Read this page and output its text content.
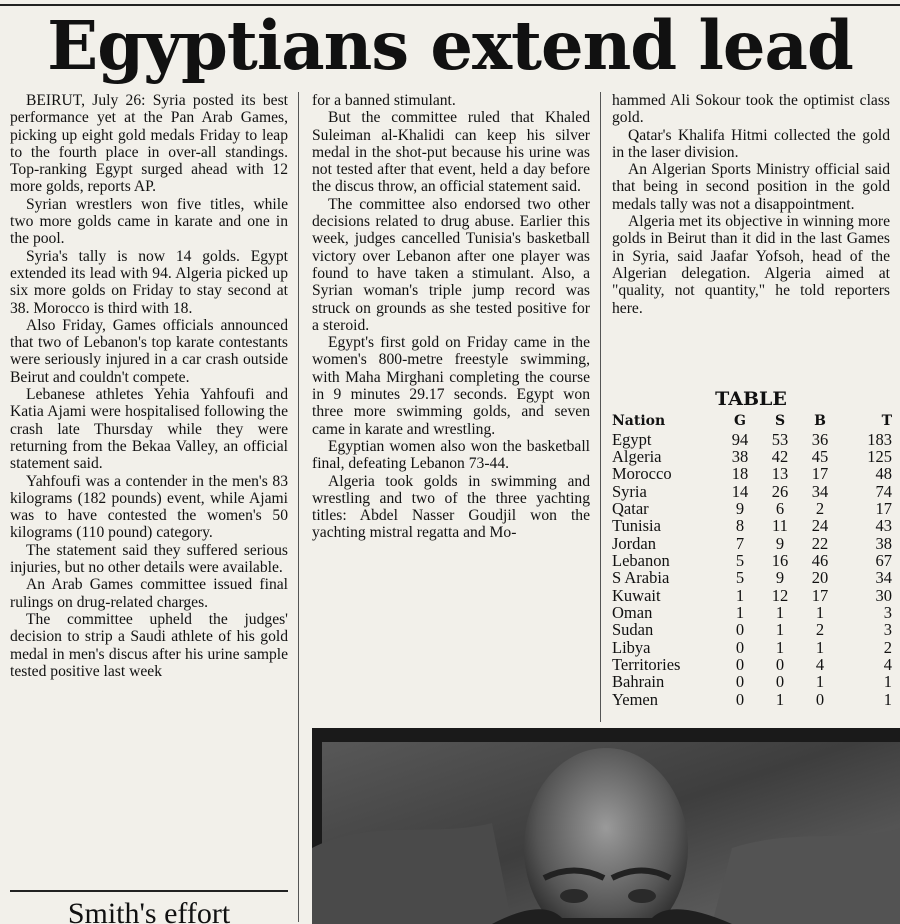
Egyptians extend lead

BEIRUT, July 26: Syria posted its best performance yet at the Pan Arab Games, picking up eight gold medals Friday to leap to the fourth place in over-all standings. Top-ranking Egypt surged ahead with 12 more golds, reports AP.

Syrian wrestlers won five titles, while two more golds came in karate and one in the pool.

Syria's tally is now 14 golds. Egypt extended its lead with 94. Algeria picked up six more golds on Friday to stay second at 38. Morocco is third with 18.

Also Friday, Games officials announced that two of Lebanon's top karate contestants were seriously injured in a car crash outside Beirut and couldn't compete.

Lebanese athletes Yehia Yahfoufi and Katia Ajami were hospitalised following the crash late Thursday while they were returning from the Bekaa Valley, an official statement said.

Yahfoufi was a contender in the men's 83 kilograms (182 pounds) event, while Ajami was to have contested the women's 50 kilograms (110 pound) category.

The statement said they suffered serious injuries, but no other details were available.

An Arab Games committee issued final rulings on drug-related charges.

The committee upheld the judges' decision to strip a Saudi athlete of his gold medal in men's discus after his urine sample tested positive last week

for a banned stimulant.

But the committee ruled that Khaled Suleiman al-Khalidi can keep his silver medal in the shot-put because his urine was not tested after that event, held a day before the discus throw, an official statement said.

The committee also endorsed two other decisions related to drug abuse. Earlier this week, judges cancelled Tunisia's basketball victory over Lebanon after one player was found to have taken a stimulant. Also, a Syrian woman's triple jump record was struck on grounds as she tested positive for a steroid.

Egypt's first gold on Friday came in the women's 800-metre freestyle swimming, with Maha Mirghani completing the course in 9 minutes 29.17 seconds. Egypt won three more swimming golds, and seven came in karate and wrestling.

Egyptian women also won the basketball final, defeating Lebanon 73-44.

Algeria took golds in swimming and wrestling and two of the three yachting titles: Abdel Nasser Goudjil won the yachting mistral regatta and Mo-

hammed Ali Sokour took the optimist class gold.

Qatar's Khalifa Hitmi collected the gold in the laser division.

An Algerian Sports Ministry official said that being in second position in the gold medals tally was not a disappointment.

Algeria met its objective in winning more golds in Beirut than it did in the last Games in Syria, said Jaafar Yofsoh, head of the Algerian delegation. Algeria aimed at "quality, not quantity," he told reporters here.

TABLE
Nation	G	S	B	T
Egypt	94	53	36	183
Algeria	38	42	45	125
Morocco	18	13	17	48
Syria	14	26	34	74
Qatar	9	6	2	17
Tunisia	8	11	24	43
Jordan	7	9	22	38
Lebanon	5	16	46	67
S Arabia	5	9	20	34
Kuwait	1	12	17	30
Oman	1	1	1	3
Sudan	0	1	2	3
Libya	0	1	1	2
Territories	0	0	4	4
Bahrain	0	0	1	1
Yemen	0	1	0	1
Smith's effort
